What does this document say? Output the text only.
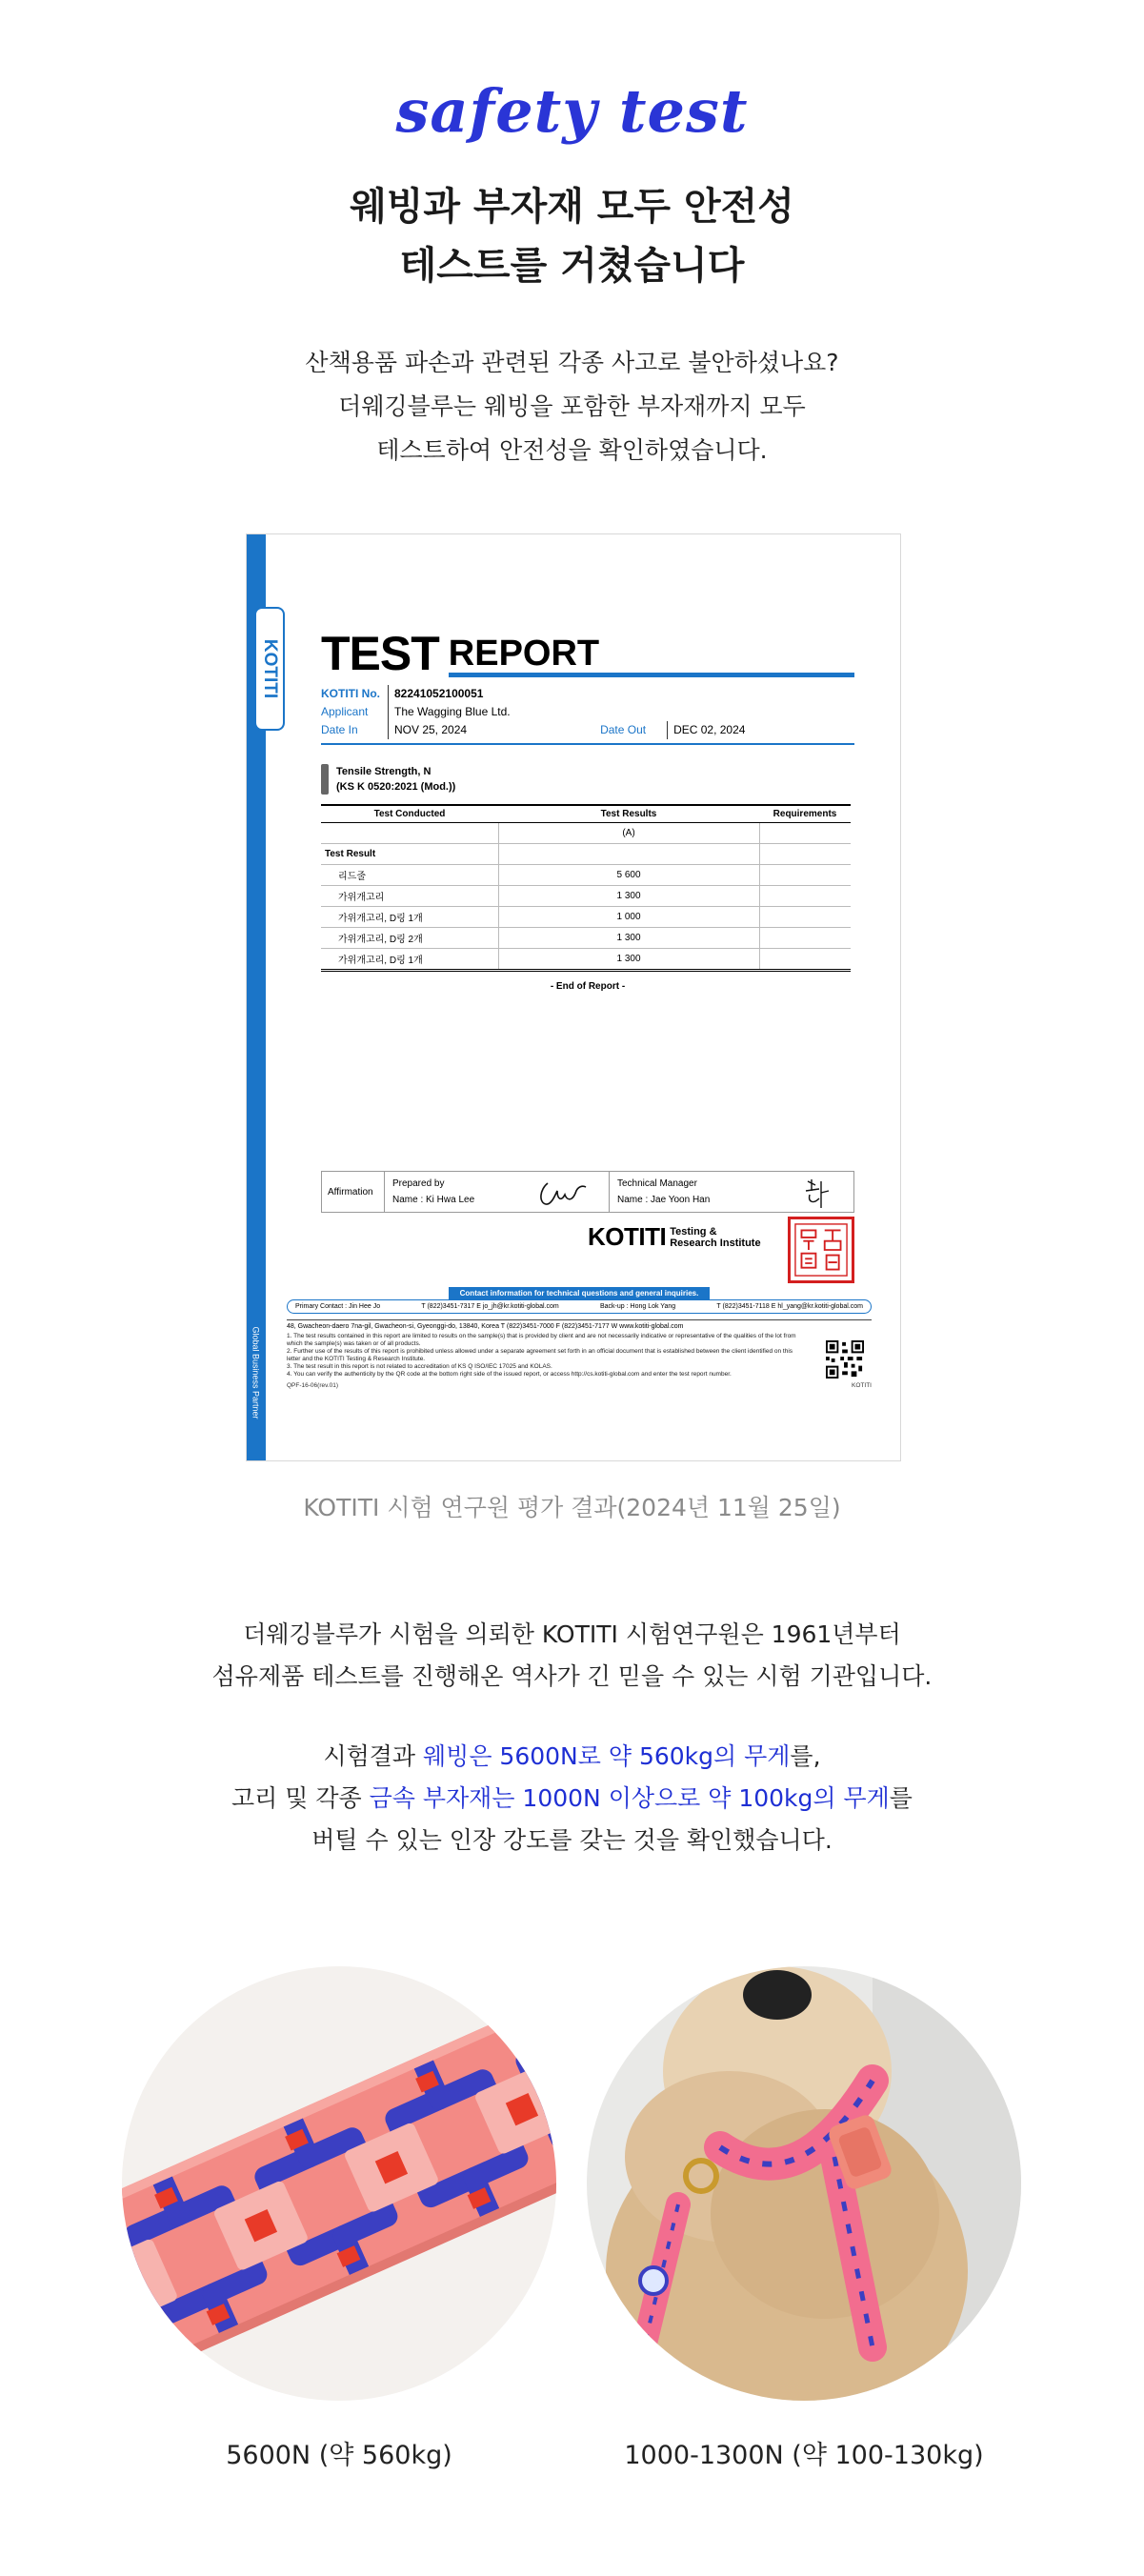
safety test
웨빙과 부자재 모두 안전성
테스트를 거쳤습니다
산책용품 파손과 관련된 각종 사고로 불안하셨나요?
더웨깅블루는 웨빙을 포함한 부자재까지 모두
테스트하여 안전성을 확인하였습니다.
KOTITI
Global Business Partner
TEST REPORT
KOTITI No.	82241052100051
Applicant	The Wagging Blue Ltd.
Date In	NOV 25, 2024	Date Out	DEC 02, 2024
Tensile Strength, N
(KS K 0520:2021 (Mod.))
Test Conducted	Test Results	Requirements
	(A)	
Test Result		
리드줄	5 600	
가위개고리	1 300	
가위개고리, D링 1개	1 000	
가위개고리, D링 2개	1 300	
가위개고리, D링 1개	1 300	
- End of Report -
Affirmation
Prepared by
Name : Ki Hwa Lee
Technical Manager
Name : Jae Yoon Han
KOTITI Testing &
Research Institute
Contact information for technical questions and general inquiries.
Primary Contact : Jin Hee Jo	T (822)3451-7317 E jo_jh@kr.kotiti-global.com	Back-up : Hong Lok Yang	T (822)3451-7118 E hl_yang@kr.kotiti-global.com
48, Gwacheon-daero 7na-gil, Gwacheon-si, Gyeonggi-do, 13840, Korea T (822)3451-7000 F (822)3451-7177 W www.kotiti-global.com
1. The test results contained in this report are limited to results on the sample(s) that is provided by client and are not necessarily indicative or representative of the qualities of the lot from which the sample(s) was taken or of all products.
2. Further use of the results of this report is prohibited unless allowed under a separate agreement set forth in an official document that is established between the client identified on this letter and the KOTITI Testing & Research Institute.
3. The test result in this report is not related to accreditation of KS Q ISO/IEC 17025 and KOLAS.
4. You can verify the authenticity by the QR code at the bottom right side of the issued report, or access http://cs.kotiti-global.com and enter the test report number.
QPF-16-06(rev.01)	KOTITI
KOTITI 시험 연구원 평가 결과(2024년 11월 25일)
더웨깅블루가 시험을 의뢰한 KOTITI 시험연구원은 1961년부터
섬유제품 테스트를 진행해온 역사가 긴 믿을 수 있는 시험 기관입니다.
시험결과 웨빙은 5600N로 약 560kg의 무게를,
고리 및 각종 금속 부자재는 1000N 이상으로 약 100kg의 무게를
버틸 수 있는 인장 강도를 갖는 것을 확인했습니다.
5600N (약 560kg)	1000-1300N (약 100-130kg)
